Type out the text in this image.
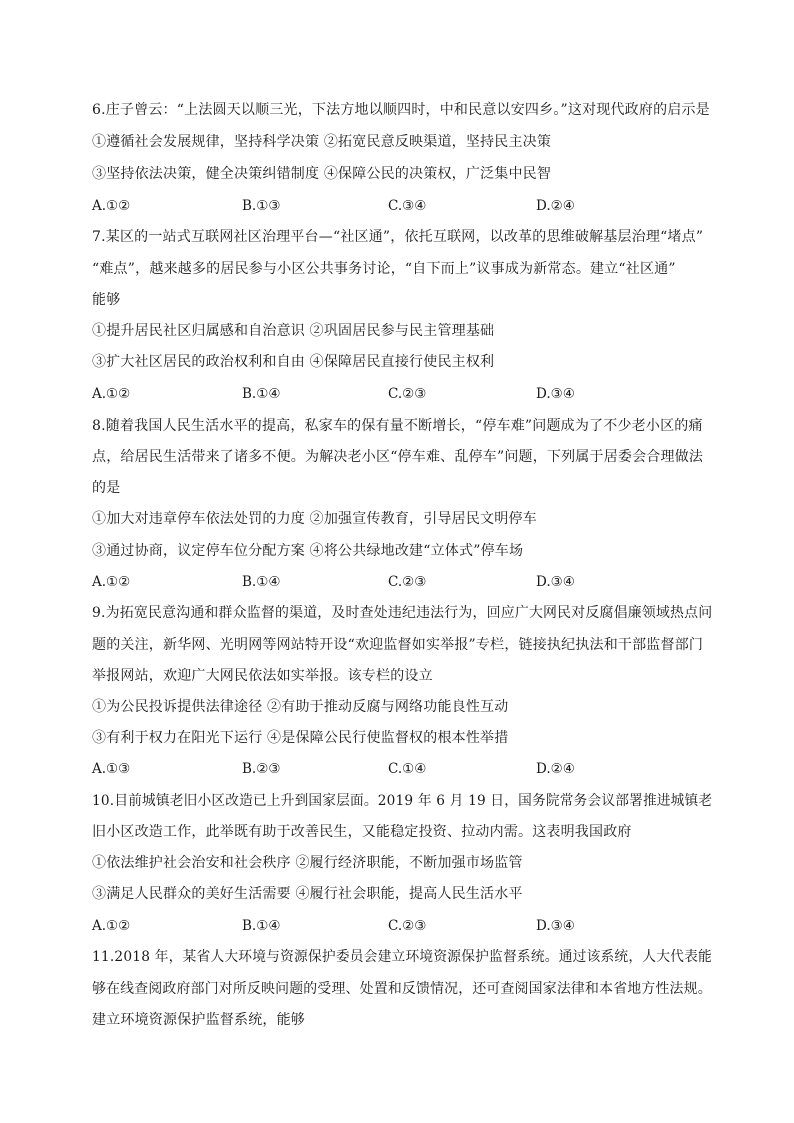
6.庄子曾云：“上法圆天以顺三光，下法方地以顺四时，中和民意以安四乡。”这对现代政府的启示是
①遵循社会发展规律，坚持科学决策 ②拓宽民意反映渠道，坚持民主决策
③坚持依法决策，健全决策纠错制度 ④保障公民的决策权，广泛集中民智
A.①②	B.①③	C.③④	D.②④
7.某区的一站式互联网社区治理平台—“社区通”，依托互联网，以改革的思维破解基层治理“堵点”
“难点”，越来越多的居民参与小区公共事务讨论，“自下而上”议事成为新常态。建立“社区通”
能够
①提升居民社区归属感和自治意识 ②巩固居民参与民主管理基础
③扩大社区居民的政治权利和自由 ④保障居民直接行使民主权利
A.①②	B.①④	C.②③	D.③④
8.随着我国人民生活水平的提高，私家车的保有量不断增长，“停车难”问题成为了不少老小区的痛
点，给居民生活带来了诸多不便。为解决老小区“停车难、乱停车”问题，下列属于居委会合理做法
的是
①加大对违章停车依法处罚的力度 ②加强宣传教育，引导居民文明停车
③通过协商，议定停车位分配方案 ④将公共绿地改建“立体式”停车场
A.①②	B.①④	C.②③	D.③④
9.为拓宽民意沟通和群众监督的渠道，及时查处违纪违法行为，回应广大网民对反腐倡廉领域热点问
题的关注，新华网、光明网等网站特开设“欢迎监督如实举报”专栏，链接执纪执法和干部监督部门
举报网站，欢迎广大网民依法如实举报。该专栏的设立
①为公民投诉提供法律途径 ②有助于推动反腐与网络功能良性互动
③有利于权力在阳光下运行 ④是保障公民行使监督权的根本性举措
A.①③	B.②③	C.①④	D.②④
10.目前城镇老旧小区改造已上升到国家层面。2019 年 6 月 19 日，国务院常务会议部署推进城镇老
旧小区改造工作，此举既有助于改善民生，又能稳定投资、拉动内需。这表明我国政府
①依法维护社会治安和社会秩序 ②履行经济职能，不断加强市场监管
③满足人民群众的美好生活需要 ④履行社会职能，提高人民生活水平
A.①②	B.①④	C.②③	D.③④
11.2018 年，某省人大环境与资源保护委员会建立环境资源保护监督系统。通过该系统，人大代表能
够在线查阅政府部门对所反映问题的受理、处置和反馈情况，还可查阅国家法律和本省地方性法规。
建立环境资源保护监督系统，能够
